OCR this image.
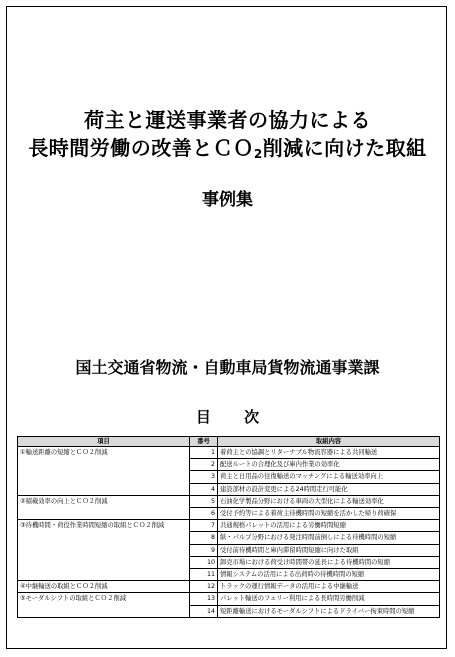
荷主と運送事業者の協力による
長時間労働の改善とＣＯ$_2$削減に向けた取組
事例集
国土交通省物流・自動車局貨物流通事業課
目 次
項目	番号	取組内容
①輸送距離の短縮とＣＯ２削減	1	着荷主との協調とリターナブル物流容器による共同輸送
	2	配送ルートの合理化及び庫内作業の効率化
	3	荷主と日用品の往復輸送のマッチングによる輸送効率向上
	4	建設部材の設計変更による24時間走行可能化
②積載効率の向上とＣＯ２削減	5	石油化学製品分野における車両の大型化による輸送効率化
	6	受付予約等による着荷主待機時間の短縮を活かした帰り荷確保
③待機時間・荷役作業時間短縮の取組とＣＯ２削減	7	共通規格パレットの活用による労働時間短縮
	8	紙・パルプ分野における発注時間前倒しによる待機時間の短縮
	9	受付前待機時間と庫内滞留時間短縮に向けた取組
	10	卸売市場における荷受け時間帯の延長による待機時間の短縮
	11	情報システムの活用による出荷時の待機時間の短縮
④中継輸送の取組とＣＯ２削減	12	トラックの運行情報データの活用による中継輸送
⑤モーダルシフトの取組とＣＯ２削減	13	パレット輸送のフェリー利用による長時間労働削減
	14	短距離輸送におけるモーダルシフトによるドライバー拘束時間の短縮
